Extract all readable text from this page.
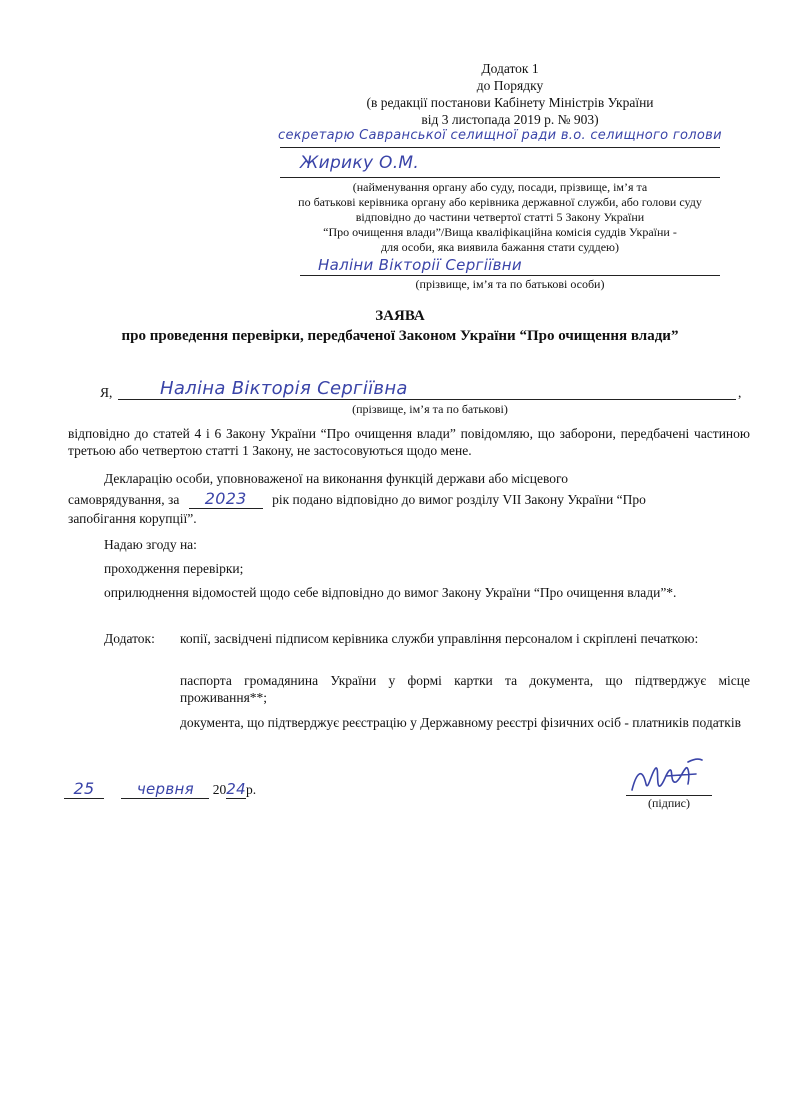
Додаток 1
до Порядку
(в редакції постанови Кабінету Міністрів України
від 3 листопада 2019 р. № 903)
секретарю Савранської селищної ради в.о. селищного голови
Жирику О.М.
(найменування органу або суду, посади, прізвище, ім’я та
по батькові керівника органу або керівника державної служби, або голови суду
відповідно до частини четвертої статті 5 Закону України
“Про очищення влади”/Вища кваліфікаційна комісія суддів України -
для особи, яка виявила бажання стати суддею)
Наліни Вікторії Сергіївни
(прізвище, ім’я та по батькові особи)
ЗАЯВА
про проведення перевірки, передбаченої Законом України “Про очищення влади”
Я,	Наліна Вікторія Сергіївна	,
(прізвище, ім’я та по батькові)
відповідно до статей 4 і 6 Закону України “Про очищення влади” повідомляю, що заборони, передбачені частиною третьою або четвертою статті 1 Закону, не застосовуються щодо мене.
Декларацію особи, уповноваженої на виконання функцій держави або місцевого
самоврядування, за 2023 рік подано відповідно до вимог розділу VII Закону України “Про
запобігання корупції”.
Надаю згоду на:
проходження перевірки;
оприлюднення відомостей щодо себе відповідно до вимог Закону України “Про очищення влади”*.
Додаток: копії, засвідчені підписом керівника служби управління персоналом і скріплені печаткою:
паспорта громадянина України у формі картки та документа, що підтверджує місце проживання**;
документа, що підтверджує реєстрацію у Державному реєстрі фізичних осіб - платників податків
25	червня 2024р.
(підпис)
